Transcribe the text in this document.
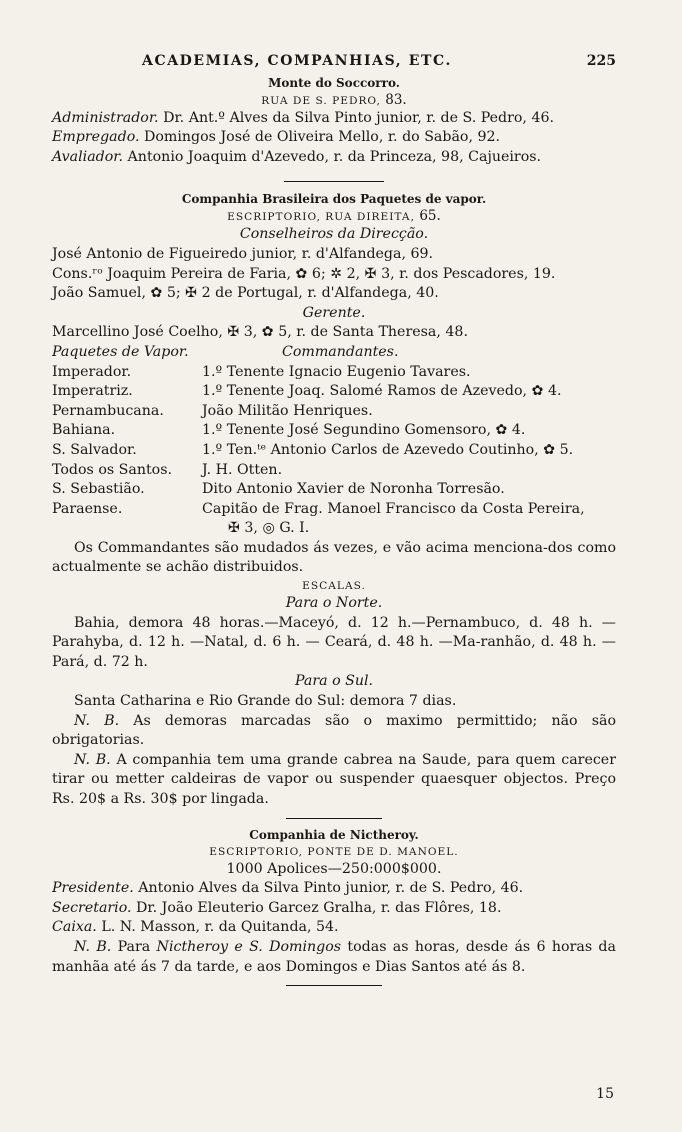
ACADEMIAS, COMPANHIAS, ETC.	225
Monte do Soccorro.
RUA DE S. PEDRO, 83.
Administrador. Dr. Ant.º Alves da Silva Pinto junior, r. de S. Pedro, 46.
Empregado. Domingos José de Oliveira Mello, r. do Sabão, 92.
Avaliador. Antonio Joaquim d'Azevedo, r. da Princeza, 98, Cajueiros.
Companhia Brasileira dos Paquetes de vapor.
ESCRIPTORIO, RUA DIREITA, 65.
Conselheiros da Direcção.
José Antonio de Figueiredo junior, r. d'Alfandega, 69.
Cons.ʳᵒ Joaquim Pereira de Faria, ✿ 6; ✲ 2, ✠ 3, r. dos Pescadores, 19.
João Samuel, ✿ 5; ✠ 2 de Portugal, r. d'Alfandega, 40.
Gerente.
Marcellino José Coelho, ✠ 3, ✿ 5, r. de Santa Theresa, 48.
Paquetes de Vapor.	Commandantes.
Imperador.	1.º Tenente Ignacio Eugenio Tavares.
Imperatriz.	1.º Tenente Joaq. Salomé Ramos de Azevedo, ✿ 4.
Pernambucana.	João Militão Henriques.
Bahiana.	1.º Tenente José Segundino Gomensoro, ✿ 4.
S. Salvador.	1.º Ten.ᵗᵉ Antonio Carlos de Azevedo Coutinho, ✿ 5.
Todos os Santos.	J. H. Otten.
S. Sebastião.	Dito Antonio Xavier de Noronha Torresão.
Paraense.	Capitão de Frag. Manoel Francisco da Costa Pereira,
✠ 3, ◎ G. I.
Os Commandantes são mudados ás vezes, e vão acima menciona-dos como actualmente se achão distribuidos.
ESCALAS.
Para o Norte.
Bahia, demora 48 horas.—Maceyó, d. 12 h.—Pernambuco, d. 48 h. —Parahyba, d. 12 h. —Natal, d. 6 h. — Ceará, d. 48 h. —Ma-ranhão, d. 48 h. —Pará, d. 72 h.
Para o Sul.
Santa Catharina e Rio Grande do Sul: demora 7 dias.
N. B. As demoras marcadas são o maximo permittido; não são obrigatorias.
N. B. A companhia tem uma grande cabrea na Saude, para quem carecer tirar ou metter caldeiras de vapor ou suspender quaesquer objectos. Preço Rs. 20$ a Rs. 30$ por lingada.
Companhia de Nictheroy.
ESCRIPTORIO, PONTE DE D. MANOEL.
1000 Apolices—250:000$000.
Presidente. Antonio Alves da Silva Pinto junior, r. de S. Pedro, 46.
Secretario. Dr. João Eleuterio Garcez Gralha, r. das Flôres, 18.
Caixa. L. N. Masson, r. da Quitanda, 54.
N. B. Para Nictheroy e S. Domingos todas as horas, desde ás 6 horas da manhãa até ás 7 da tarde, e aos Domingos e Dias Santos até ás 8.
15
